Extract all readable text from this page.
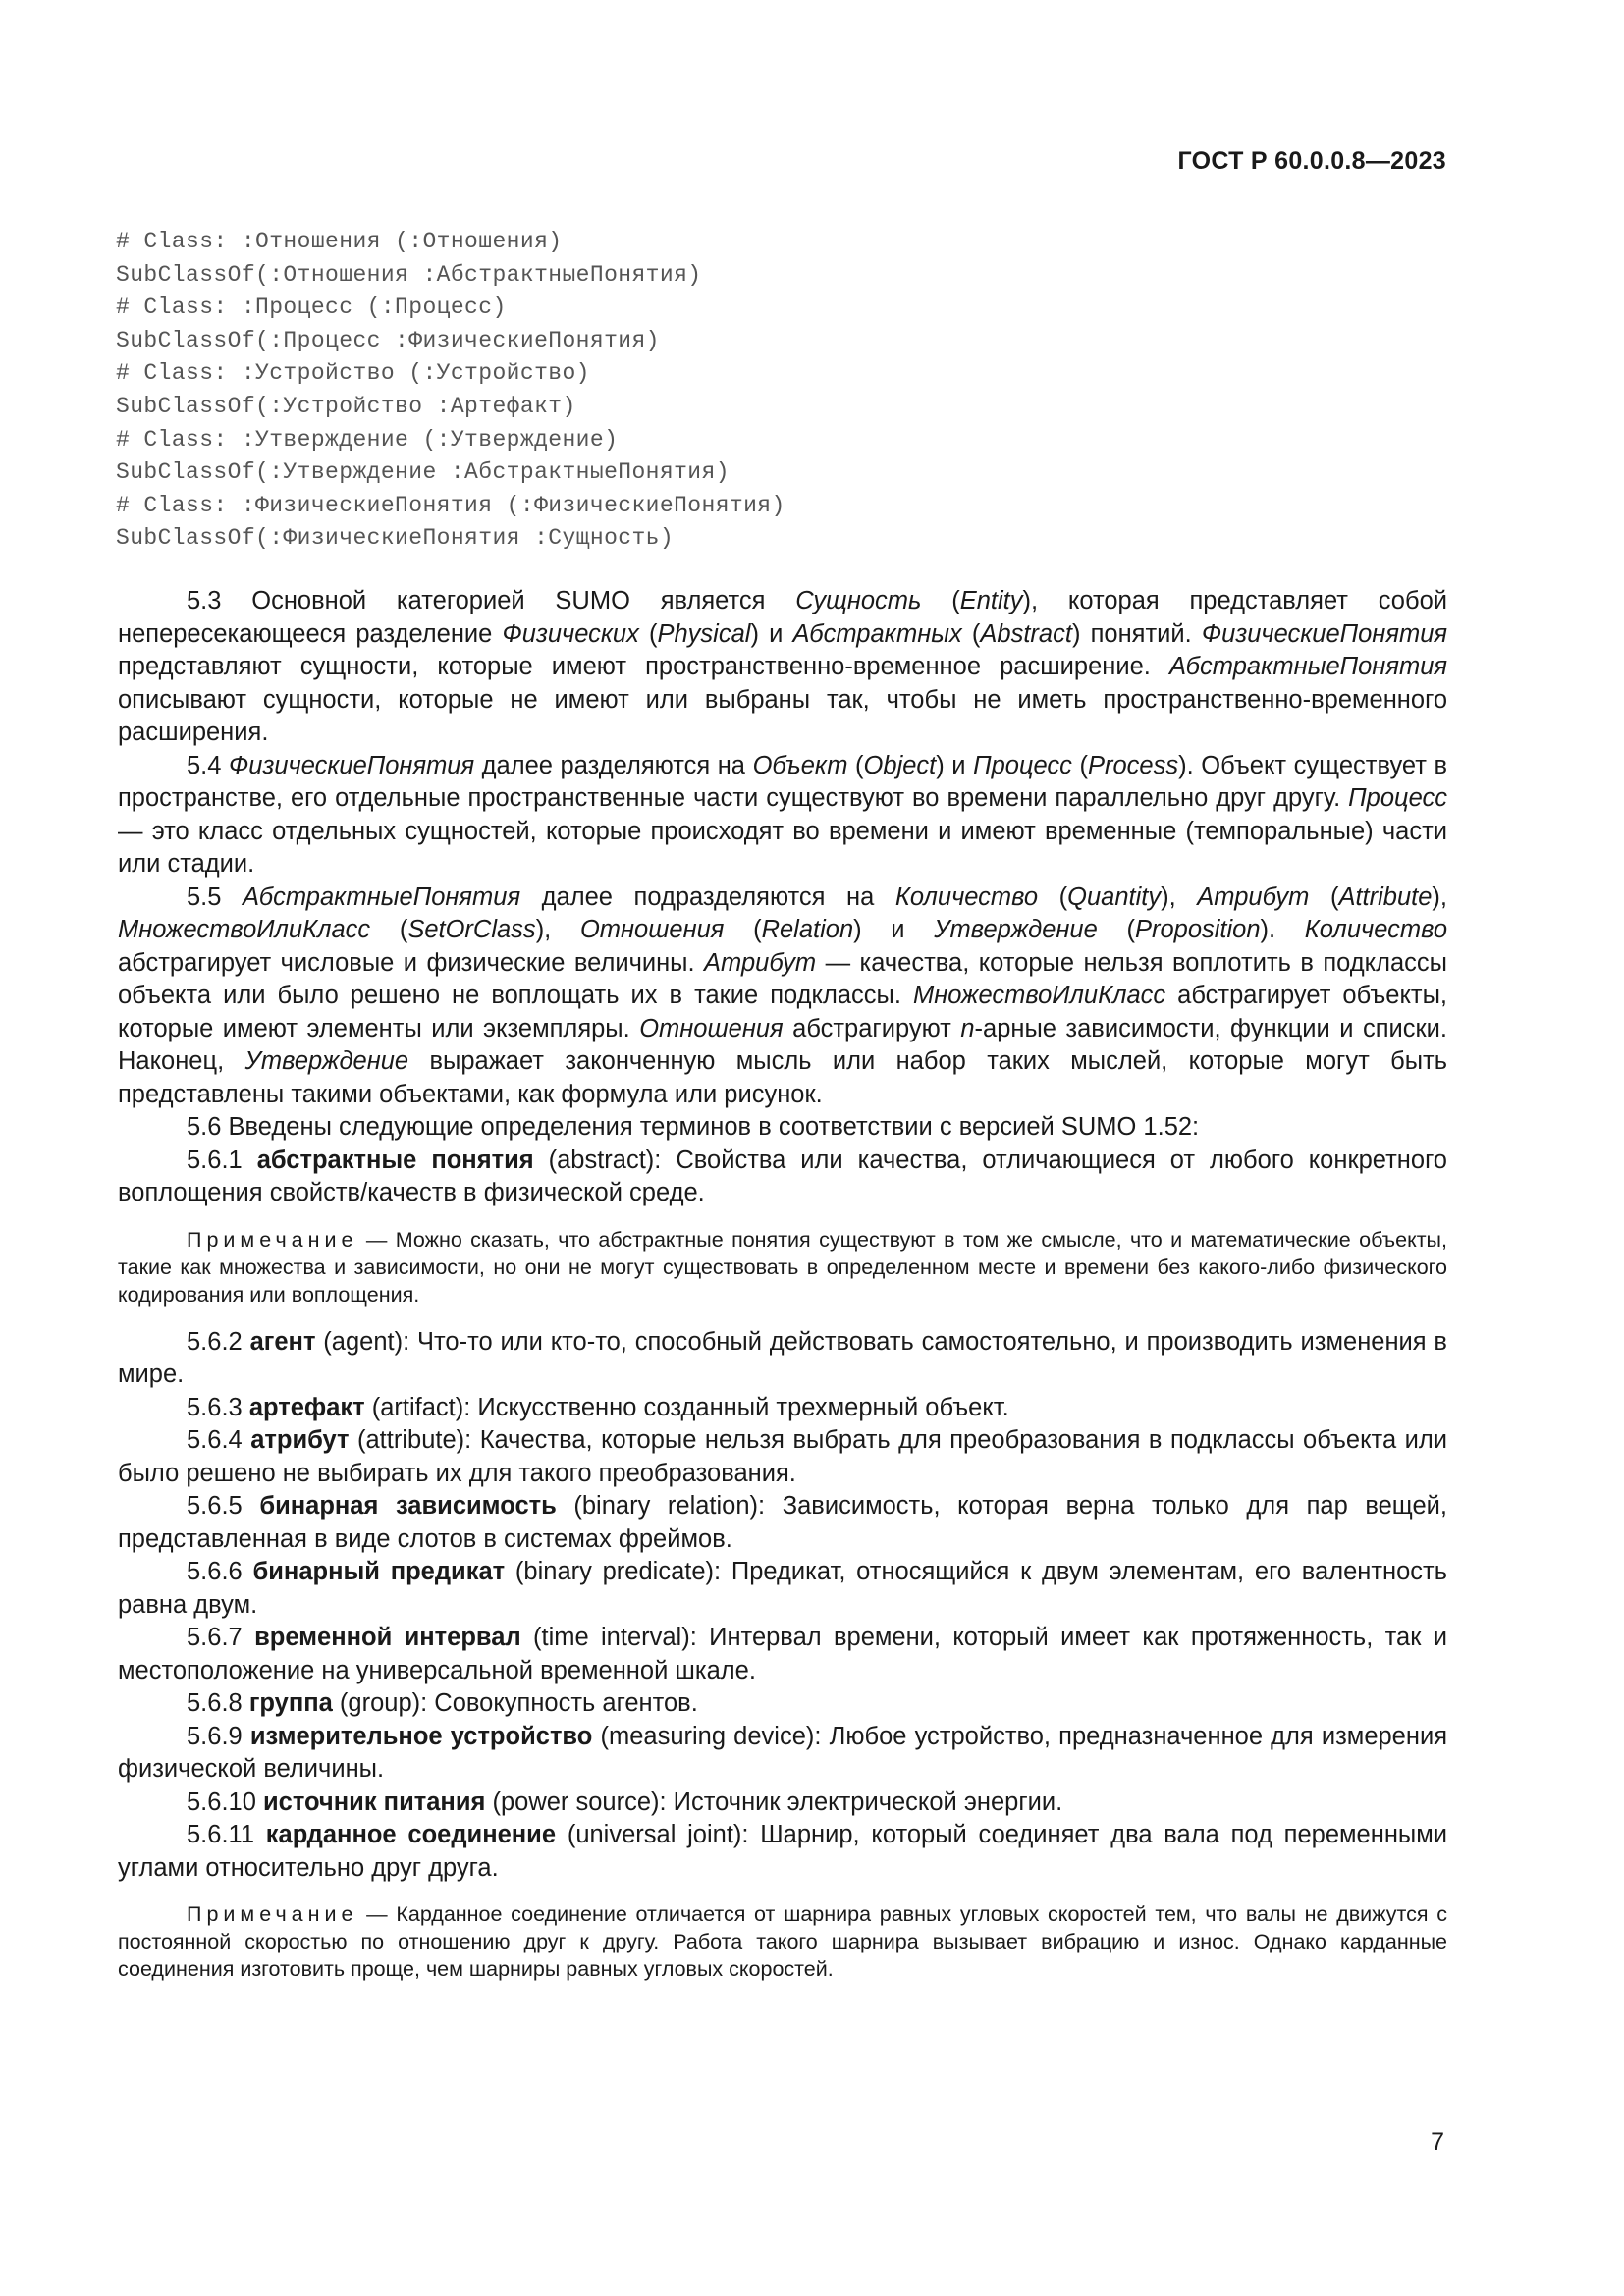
ГОСТ Р 60.0.0.8—2023
# Class: :Отношения (:Отношения)
SubClassOf(:Отношения :АбстрактныеПонятия)
# Class: :Процесс (:Процесс)
SubClassOf(:Процесс :ФизическиеПонятия)
# Class: :Устройство (:Устройство)
SubClassOf(:Устройство :Артефакт)
# Class: :Утверждение (:Утверждение)
SubClassOf(:Утверждение :АбстрактныеПонятия)
# Class: :ФизическиеПонятия (:ФизическиеПонятия)
SubClassOf(:ФизическиеПонятия :Сущность)

5.3 Основной категорией SUMO является Сущность (Entity), которая представляет собой непересекающееся разделение Физических (Physical) и Абстрактных (Abstract) понятий. ФизическиеПонятия представляют сущности, которые имеют пространственно-временное расширение. АбстрактныеПонятия описывают сущности, которые не имеют или выбраны так, чтобы не иметь пространственно-временного расширения.

5.4 ФизическиеПонятия далее разделяются на Объект (Object) и Процесс (Process). Объект существует в пространстве, его отдельные пространственные части существуют во времени параллельно друг другу. Процесс — это класс отдельных сущностей, которые происходят во времени и имеют временные (темпоральные) части или стадии.

5.5 АбстрактныеПонятия далее подразделяются на Количество (Quantity), Атрибут (Attribute), МножествоИлиКласс (SetOrClass), Отношения (Relation) и Утверждение (Proposition). Количество абстрагирует числовые и физические величины. Атрибут — качества, которые нельзя воплотить в подклассы объекта или было решено не воплощать их в такие подклассы. МножествоИлиКласс абстрагирует объекты, которые имеют элементы или экземпляры. Отношения абстрагируют n-арные зависимости, функции и списки. Наконец, Утверждение выражает законченную мысль или набор таких мыслей, которые могут быть представлены такими объектами, как формула или рисунок.

5.6 Введены следующие определения терминов в соответствии с версией SUMO 1.52:

5.6.1 абстрактные понятия (abstract): Свойства или качества, отличающиеся от любого конкретного воплощения свойств/качеств в физической среде.

Примечание — Можно сказать, что абстрактные понятия существуют в том же смысле, что и математические объекты, такие как множества и зависимости, но они не могут существовать в определенном месте и времени без какого-либо физического кодирования или воплощения.

5.6.2 агент (agent): Что-то или кто-то, способный действовать самостоятельно, и производить изменения в мире.

5.6.3 артефакт (artifact): Искусственно созданный трехмерный объект.

5.6.4 атрибут (attribute): Качества, которые нельзя выбрать для преобразования в подклассы объекта или было решено не выбирать их для такого преобразования.

5.6.5 бинарная зависимость (binary relation): Зависимость, которая верна только для пар вещей, представленная в виде слотов в системах фреймов.

5.6.6 бинарный предикат (binary predicate): Предикат, относящийся к двум элементам, его валентность равна двум.

5.6.7 временной интервал (time interval): Интервал времени, который имеет как протяженность, так и местоположение на универсальной временной шкале.

5.6.8 группа (group): Совокупность агентов.

5.6.9 измерительное устройство (measuring device): Любое устройство, предназначенное для измерения физической величины.

5.6.10 источник питания (power source): Источник электрической энергии.

5.6.11 карданное соединение (universal joint): Шарнир, который соединяет два вала под переменными углами относительно друг друга.

Примечание — Карданное соединение отличается от шарнира равных угловых скоростей тем, что валы не движутся с постоянной скоростью по отношению друг к другу. Работа такого шарнира вызывает вибрацию и износ. Однако карданные соединения изготовить проще, чем шарниры равных угловых скоростей.

7
